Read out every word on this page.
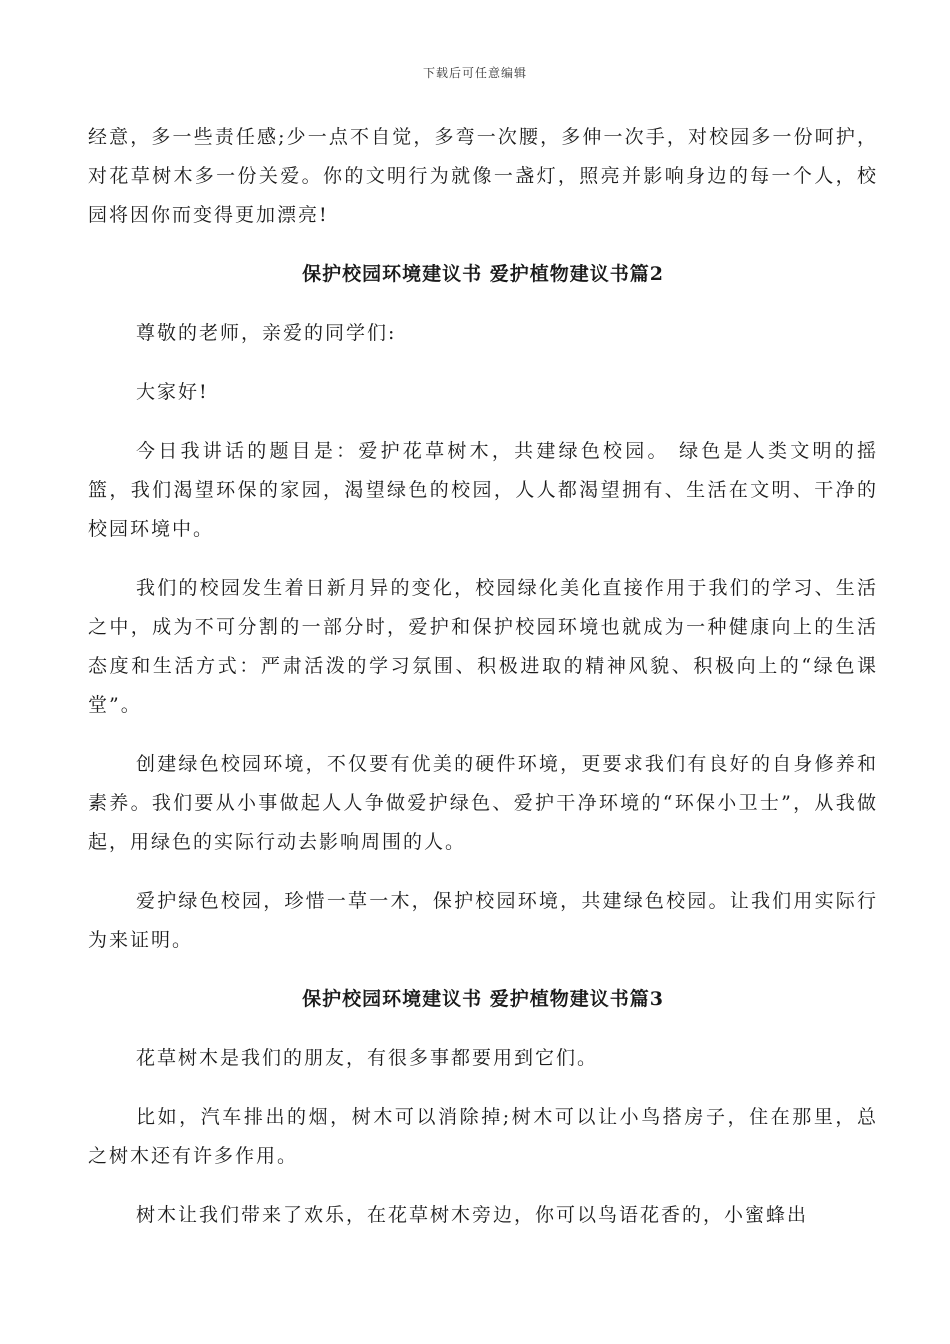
下载后可任意编辑

经意，多一些责任感;少一点不自觉，多弯一次腰，多伸一次手，对校园多一份呵护，对花草树木多一份关爱。你的文明行为就像一盏灯，照亮并影响身边的每一个人，校园将因你而变得更加漂亮!

保护校园环境建议书 爱护植物建议书篇2

尊敬的老师，亲爱的同学们:

大家好!

今日我讲话的题目是：爱护花草树木，共建绿色校园。 绿色是人类文明的摇篮，我们渴望环保的家园，渴望绿色的校园，人人都渴望拥有、生活在文明、干净的校园环境中。

我们的校园发生着日新月异的变化，校园绿化美化直接作用于我们的学习、生活之中，成为不可分割的一部分时，爱护和保护校园环境也就成为一种健康向上的生活态度和生活方式：严肃活泼的学习氛围、积极进取的精神风貌、积极向上的“绿色课堂”。

创建绿色校园环境，不仅要有优美的硬件环境，更要求我们有良好的自身修养和素养。我们要从小事做起人人争做爱护绿色、爱护干净环境的“环保小卫士”，从我做起，用绿色的实际行动去影响周围的人。

爱护绿色校园，珍惜一草一木，保护校园环境，共建绿色校园。让我们用实际行为来证明。

保护校园环境建议书 爱护植物建议书篇3

花草树木是我们的朋友，有很多事都要用到它们。

比如，汽车排出的烟，树木可以消除掉;树木可以让小鸟搭房子，住在那里，总之树木还有许多作用。

树木让我们带来了欢乐，在花草树木旁边，你可以鸟语花香的，小蜜蜂出
